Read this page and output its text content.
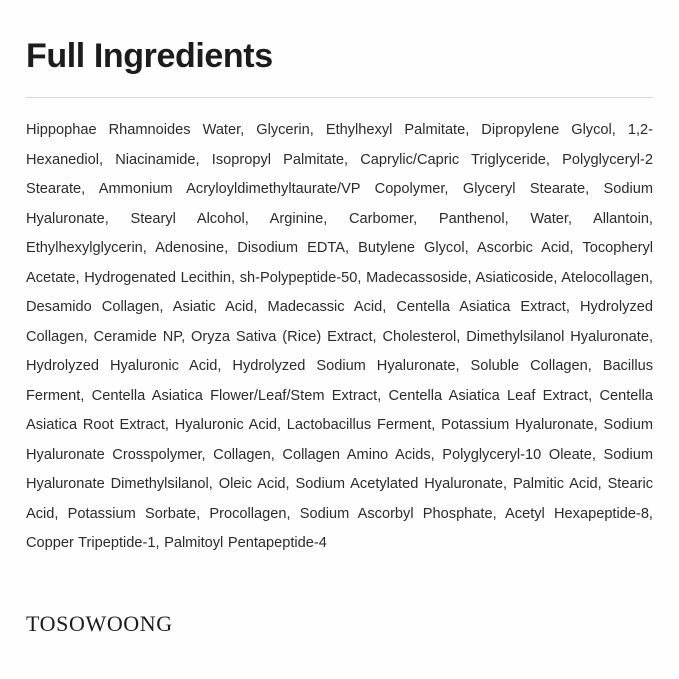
Full Ingredients

Hippophae Rhamnoides Water, Glycerin, Ethylhexyl Palmitate, Dipropylene Glycol, 1,2-Hexanediol, Niacinamide, Isopropyl Palmitate, Caprylic/Capric Triglyceride, Polyglyceryl-2 Stearate, Ammonium Acryloyldimethyltaurate/VP Copolymer, Glyceryl Stearate, Sodium Hyaluronate, Stearyl Alcohol, Arginine, Carbomer, Panthenol, Water, Allantoin, Ethylhexylglycerin, Adenosine, Disodium EDTA, Butylene Glycol, Ascorbic Acid, Tocopheryl Acetate, Hydrogenated Lecithin, sh-Polypeptide-50, Madecassoside, Asiaticoside, Atelocollagen, Desamido Collagen, Asiatic Acid, Madecassic Acid, Centella Asiatica Extract, Hydrolyzed Collagen, Ceramide NP, Oryza Sativa (Rice) Extract, Cholesterol, Dimethylsilanol Hyaluronate, Hydrolyzed Hyaluronic Acid, Hydrolyzed Sodium Hyaluronate, Soluble Collagen, Bacillus Ferment, Centella Asiatica Flower/Leaf/Stem Extract, Centella Asiatica Leaf Extract, Centella Asiatica Root Extract, Hyaluronic Acid, Lactobacillus Ferment, Potassium Hyaluronate, Sodium Hyaluronate Crosspolymer, Collagen, Collagen Amino Acids, Polyglyceryl-10 Oleate, Sodium Hyaluronate Dimethylsilanol, Oleic Acid, Sodium Acetylated Hyaluronate, Palmitic Acid, Stearic Acid, Potassium Sorbate, Procollagen, Sodium Ascorbyl Phosphate, Acetyl Hexapeptide-8, Copper Tripeptide-1, Palmitoyl Pentapeptide-4

TOSOWOONG
